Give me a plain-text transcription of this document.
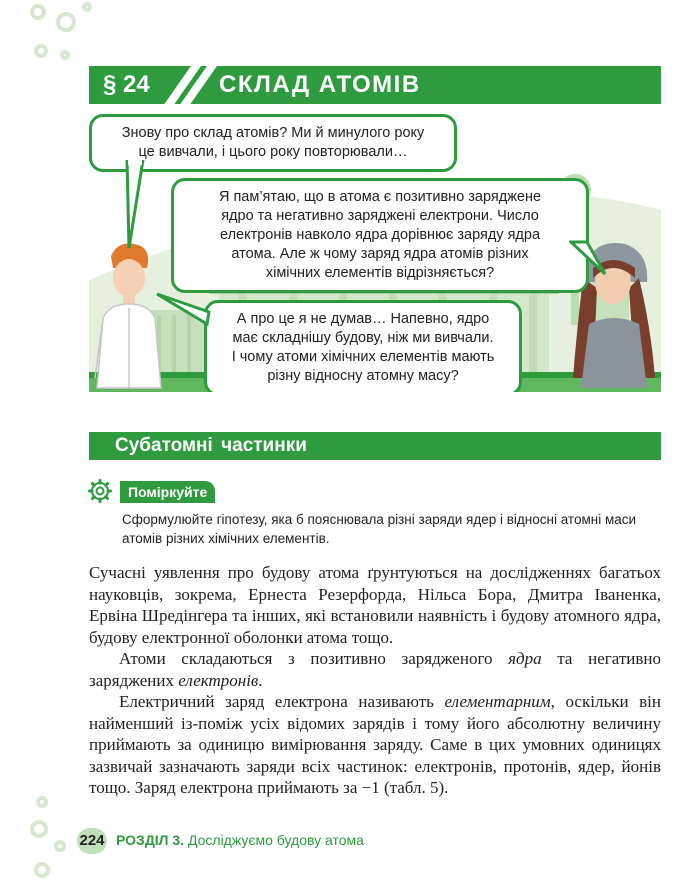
§ 24	СКЛАД АТОМІВ

Знову про склад атомів? Ми й минулого року

це вивчали, і цього року повторювали…

Я пам’ятаю, що в атома є позитивно заряджене

ядро та негативно заряджені електрони. Число

електронів навколо ядра дорівнює заряду ядра

атома. Але ж чому заряд ядра атомів різних

хімічних елементів відрізняється?

А про це я не думав… Напевно, ядро

має складнішу будову, ніж ми вивчали.

І чому атоми хімічних елементів мають

різну відносну атомну масу?

Субатомні частинки
Поміркуйте
Сформулюйте гіпотезу, яка б пояснювала різні заряди ядер і відносні атомні маси атомів різних хімічних елементів.

Сучасні уявлення про будову атома ґрунтуються на дослідженнях багатьох науковців, зокрема, Ернеста Резерфорда, Нільса Бора, Дмитра Іваненка, Ервіна Шредінгера та інших, які встановили наявність і будову атомного ядра, будову електронної оболонки атома тощо.

Атоми складаються з позитивно зарядженого ядра та негативно заряджених електронів.

Електричний заряд електрона називають елементарним, оскільки він найменший із-поміж усіх відомих зарядів і тому його абсолютну величину приймають за одиницю вимірювання заряду. Саме в цих умовних одиницях зазвичай зазначають заряди всіх частинок: електронів, протонів, ядер, йонів тощо. Заряд електрона приймають за −1 (табл. 5).

224 РОЗДІЛ 3. Досліджуємо будову атома
